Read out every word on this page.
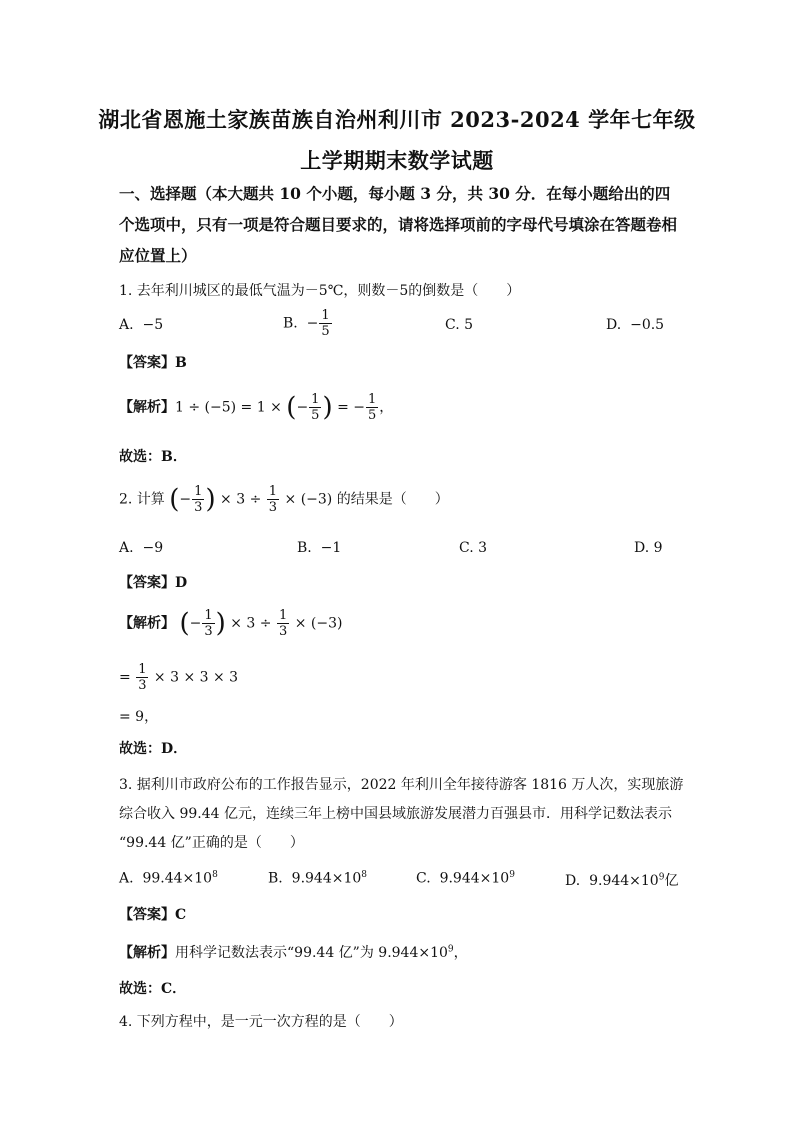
湖北省恩施土家族苗族自治州利川市 2023-2024 学年七年级
上学期期末数学试题
一、选择题（本大题共 10 个小题，每小题 3 分，共 30 分．在每小题给出的四个选项中，只有一项是符合题目要求的，请将选择项前的字母代号填涂在答题卷相应位置上）
1. 去年利川城区的最低气温为－5℃，则数－5的倒数是（　　）
A. −5	B. − $\frac{1}{5}$	C. 5	D. −0.5
【答案】B
【解析】1 ÷ (−5) = 1 × (− $\frac{1}{5}$ ) = − $\frac{1}{5}$ ，
故选：B．
2. 计算 (− $\frac{1}{3}$ ) × $3 \div \frac{1}{3} \times (-3)$ 的结果是（　　）
A. −9	B. −1	C. 3	D. 9
【答案】D
【解析】 (− $\frac{1}{3}$ ) × $3 \div \frac{1}{3} \times (-3)$
= $\frac{1}{3} \times 3 \times 3 \times 3$
= 9，
故选：D．
3. 据利川市政府公布的工作报告显示，2022 年利川全年接待游客 1816 万人次，实现旅游
综合收入 99.44 亿元，连续三年上榜中国县域旅游发展潜力百强县市．用科学记数法表示
“99.44 亿”正确的是（　　）
A. $99.44\times 10^8$	B. $9.944\times 10^8$	C. $9.944\times 10^9$	D. $9.944\times 10^9$亿
【答案】C
【解析】用科学记数法表示“99.44 亿”为 $9.944\times 10^9$，
故选：C．
4. 下列方程中，是一元一次方程的是（　　）
